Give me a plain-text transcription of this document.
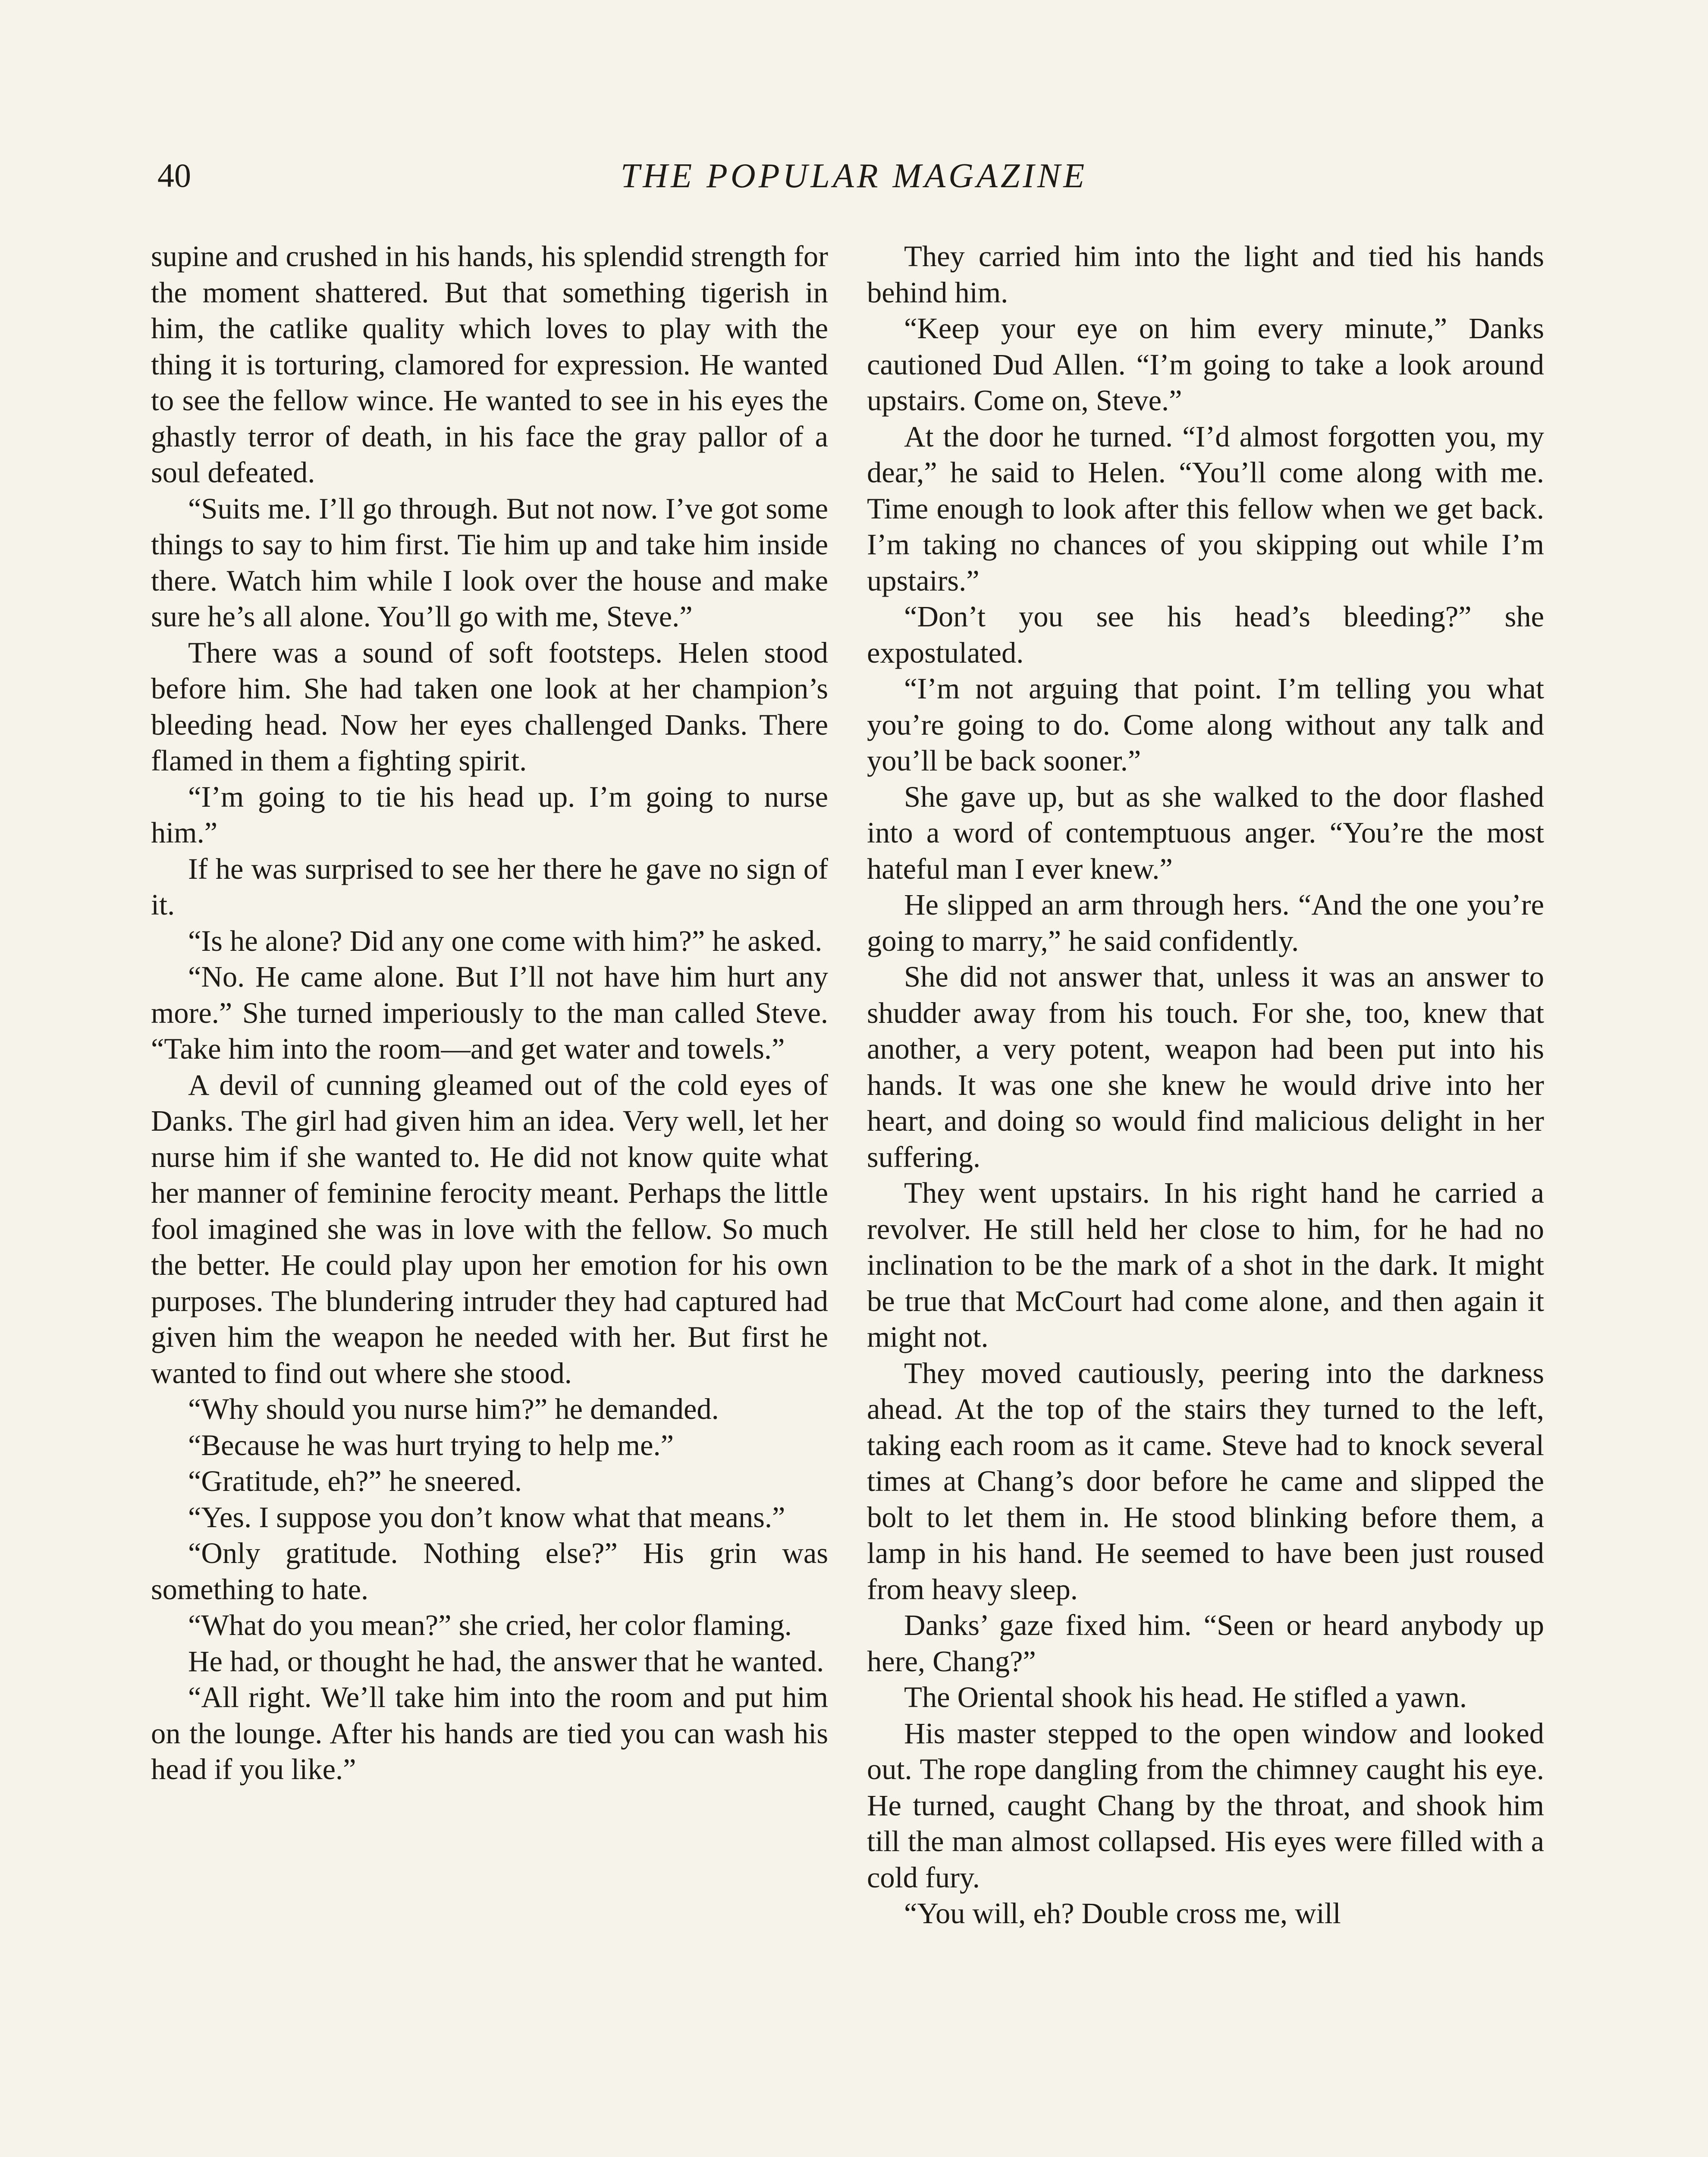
40	THE POPULAR MAGAZINE

supine and crushed in his hands, his splendid strength for the moment shattered. But that something tigerish in him, the catlike quality which loves to play with the thing it is torturing, clamored for expression. He wanted to see the fellow wince. He wanted to see in his eyes the ghastly terror of death, in his face the gray pallor of a soul defeated.

“Suits me. I’ll go through. But not now. I’ve got some things to say to him first. Tie him up and take him inside there. Watch him while I look over the house and make sure he’s all alone. You’ll go with me, Steve.”

There was a sound of soft footsteps. Helen stood before him. She had taken one look at her champion’s bleeding head. Now her eyes challenged Danks. There flamed in them a fighting spirit.

“I’m going to tie his head up. I’m going to nurse him.”

If he was surprised to see her there he gave no sign of it.

“Is he alone? Did any one come with him?” he asked.

“No. He came alone. But I’ll not have him hurt any more.” She turned imperiously to the man called Steve. “Take him into the room—and get water and towels.”

A devil of cunning gleamed out of the cold eyes of Danks. The girl had given him an idea. Very well, let her nurse him if she wanted to. He did not know quite what her manner of feminine ferocity meant. Perhaps the little fool imagined she was in love with the fellow. So much the better. He could play upon her emotion for his own purposes. The blundering intruder they had captured had given him the weapon he needed with her. But first he wanted to find out where she stood.

“Why should you nurse him?” he demanded.

“Because he was hurt trying to help me.”

“Gratitude, eh?” he sneered.

“Yes. I suppose you don’t know what that means.”

“Only gratitude. Nothing else?” His grin was something to hate.

“What do you mean?” she cried, her color flaming.

He had, or thought he had, the answer that he wanted.

“All right. We’ll take him into the room and put him on the lounge. After his hands are tied you can wash his head if you like.”

They carried him into the light and tied his hands behind him.

“Keep your eye on him every minute,” Danks cautioned Dud Allen. “I’m going to take a look around upstairs. Come on, Steve.”

At the door he turned. “I’d almost forgotten you, my dear,” he said to Helen. “You’ll come along with me. Time enough to look after this fellow when we get back. I’m taking no chances of you skipping out while I’m upstairs.”

“Don’t you see his head’s bleeding?” she expostulated.

“I’m not arguing that point. I’m telling you what you’re going to do. Come along without any talk and you’ll be back sooner.”

She gave up, but as she walked to the door flashed into a word of contemptuous anger. “You’re the most hateful man I ever knew.”

He slipped an arm through hers. “And the one you’re going to marry,” he said confidently.

She did not answer that, unless it was an answer to shudder away from his touch. For she, too, knew that another, a very potent, weapon had been put into his hands. It was one she knew he would drive into her heart, and doing so would find malicious delight in her suffering.

They went upstairs. In his right hand he carried a revolver. He still held her close to him, for he had no inclination to be the mark of a shot in the dark. It might be true that McCourt had come alone, and then again it might not.

They moved cautiously, peering into the darkness ahead. At the top of the stairs they turned to the left, taking each room as it came. Steve had to knock several times at Chang’s door before he came and slipped the bolt to let them in. He stood blinking before them, a lamp in his hand. He seemed to have been just roused from heavy sleep.

Danks’ gaze fixed him. “Seen or heard anybody up here, Chang?”

The Oriental shook his head. He stifled a yawn.

His master stepped to the open window and looked out. The rope dangling from the chimney caught his eye. He turned, caught Chang by the throat, and shook him till the man almost collapsed. His eyes were filled with a cold fury.

“You will, eh? Double cross me, will
